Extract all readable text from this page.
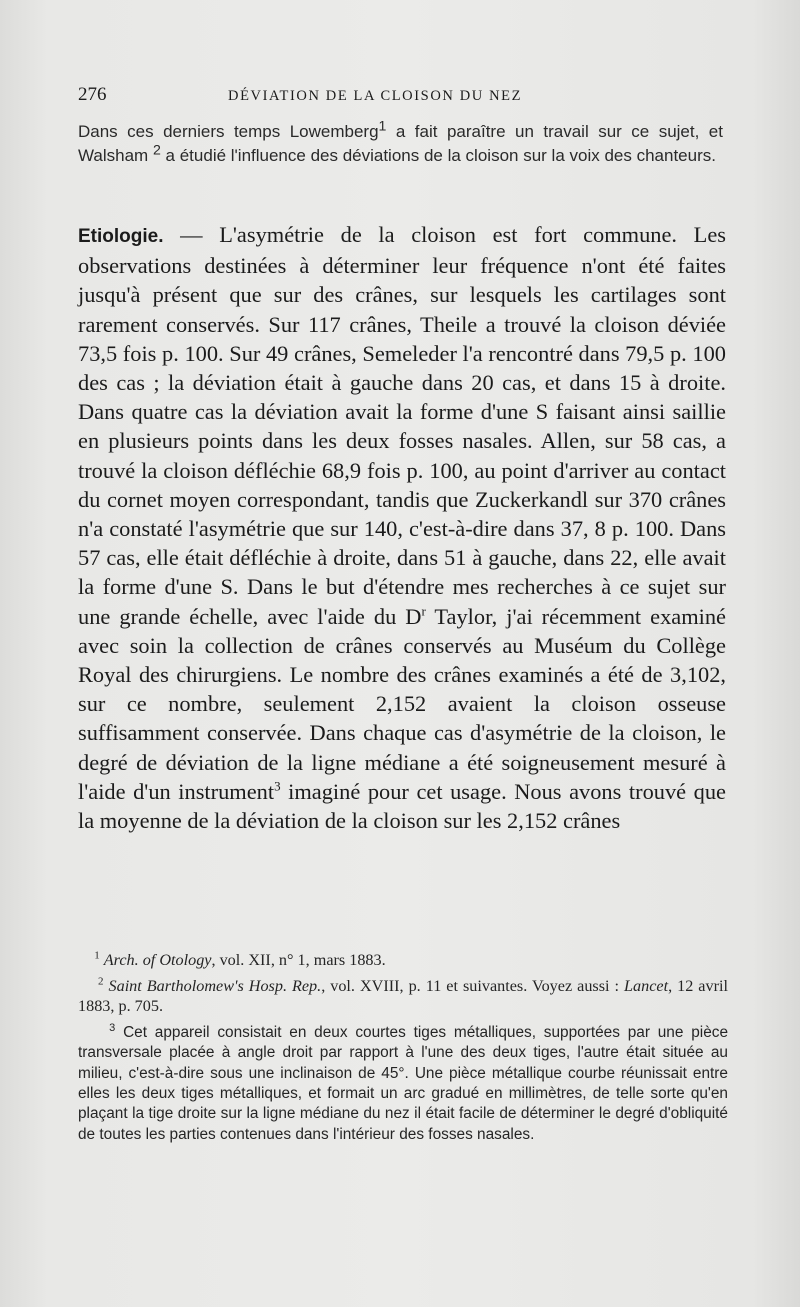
276	DÉVIATION DE LA CLOISON DU NEZ
Dans ces derniers temps Lowemberg$^1$ a fait paraître un travail sur ce sujet, et Walsham $^2$ a étudié l'influence des déviations de la cloison sur la voix des chanteurs.
Etiologie. — L'asymétrie de la cloison est fort commune. Les observations destinées à déterminer leur fréquence n'ont été faites jusqu'à présent que sur des crânes, sur lesquels les cartilages sont rarement conservés. Sur 117 crânes, Theile a trouvé la cloison déviée 73,5 fois p. 100. Sur 49 crânes, Semeleder l'a rencontré dans 79,5 p. 100 des cas ; la déviation était à gauche dans 20 cas, et dans 15 à droite. Dans quatre cas la déviation avait la forme d'une S faisant ainsi saillie en plusieurs points dans les deux fosses nasales. Allen, sur 58 cas, a trouvé la cloison défléchie 68,9 fois p. 100, au point d'arriver au contact du cornet moyen correspondant, tandis que Zuckerkandl sur 370 crânes n'a constaté l'asymétrie que sur 140, c'est-à-dire dans 37, 8 p. 100. Dans 57 cas, elle était défléchie à droite, dans 51 à gauche, dans 22, elle avait la forme d'une S. Dans le but d'étendre mes recherches à ce sujet sur une grande échelle, avec l'aide du $D^r$ Taylor, j'ai récemment examiné avec soin la collection de crânes conservés au Muséum du Collège Royal des chirurgiens. Le nombre des crânes examinés a été de 3,102, sur ce nombre, seulement 2,152 avaient la cloison osseuse suffisamment conservée. Dans chaque cas d'asymétrie de la cloison, le degré de déviation de la ligne médiane a été soigneusement mesuré à l'aide d'un instrument$^3$ imaginé pour cet usage. Nous avons trouvé que la moyenne de la déviation de la cloison sur les 2,152 crânes

$^1$ Arch. of Otology, vol. XII, n° 1, mars 1883.

$^2$ Saint Bartholomew's Hosp. Rep., vol. XVIII, p. 11 et suivantes. Voyez aussi : Lancet, 12 avril 1883, p. 705.

$^3$ Cet appareil consistait en deux courtes tiges métalliques, supportées par une pièce transversale placée à angle droit par rapport à l'une des deux tiges, l'autre était située au milieu, c'est-à-dire sous une inclinaison de 45°. Une pièce métallique courbe réunissait entre elles les deux tiges métalliques, et formait un arc gradué en millimètres, de telle sorte qu'en plaçant la tige droite sur la ligne médiane du nez il était facile de déterminer le degré d'obliquité de toutes les parties contenues dans l'intérieur des fosses nasales.
